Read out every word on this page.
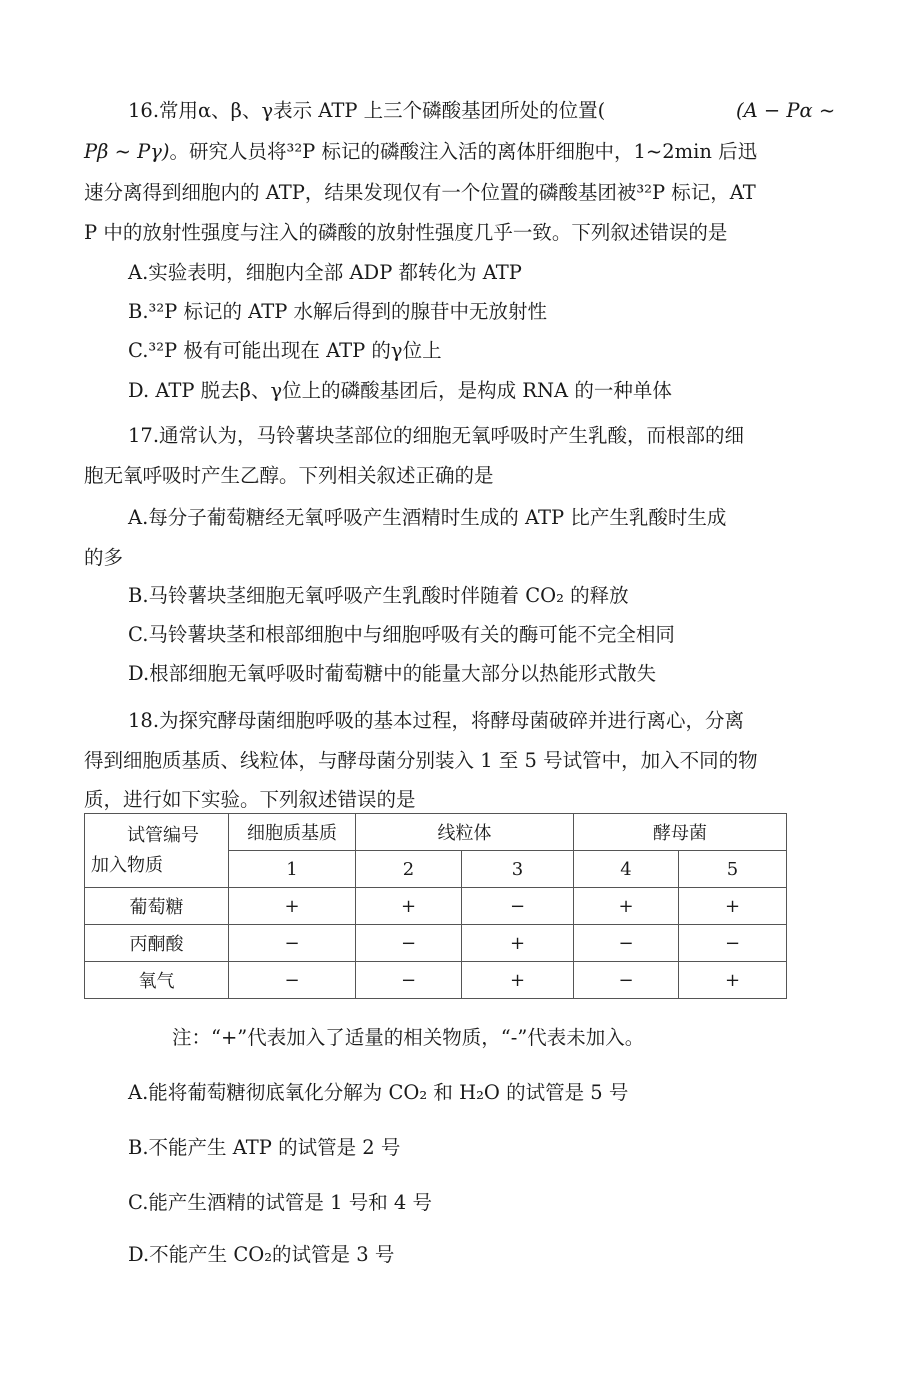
16.常用α、β、γ表示 ATP 上三个磷酸基团所处的位置(	(A − Pα ~
Pβ ~ Pγ)。研究人员将³²P 标记的磷酸注入活的离体肝细胞中，1~2min 后迅
速分离得到细胞内的 ATP，结果发现仅有一个位置的磷酸基团被³²P 标记，AT
P 中的放射性强度与注入的磷酸的放射性强度几乎一致。下列叙述错误的是
A.实验表明，细胞内全部 ADP 都转化为 ATP
B.³²P 标记的 ATP 水解后得到的腺苷中无放射性
C.³²P 极有可能出现在 ATP 的γ位上
D. ATP 脱去β、γ位上的磷酸基团后，是构成 RNA 的一种单体
17.通常认为，马铃薯块茎部位的细胞无氧呼吸时产生乳酸，而根部的细
胞无氧呼吸时产生乙醇。下列相关叙述正确的是
A.每分子葡萄糖经无氧呼吸产生酒精时生成的 ATP 比产生乳酸时生成
的多
B.马铃薯块茎细胞无氧呼吸产生乳酸时伴随着 CO₂ 的释放
C.马铃薯块茎和根部细胞中与细胞呼吸有关的酶可能不完全相同
D.根部细胞无氧呼吸时葡萄糖中的能量大部分以热能形式散失
18.为探究酵母菌细胞呼吸的基本过程，将酵母菌破碎并进行离心，分离
得到细胞质基质、线粒体，与酵母菌分别装入 1 至 5 号试管中，加入不同的物
质，进行如下实验。下列叙述错误的是
试管编号
加入物质	细胞质基质	线粒体		酵母菌	
	1	2	3	4	5
葡萄糖	+	+	−	+	+
丙酮酸	−	−	+	−	−
氧气	−	−	+	−	+
注：“+”代表加入了适量的相关物质，“-”代表未加入。
A.能将葡萄糖彻底氧化分解为 CO₂ 和 H₂O 的试管是 5 号
B.不能产生 ATP 的试管是 2 号
C.能产生酒精的试管是 1 号和 4 号
D.不能产生 CO₂的试管是 3 号
